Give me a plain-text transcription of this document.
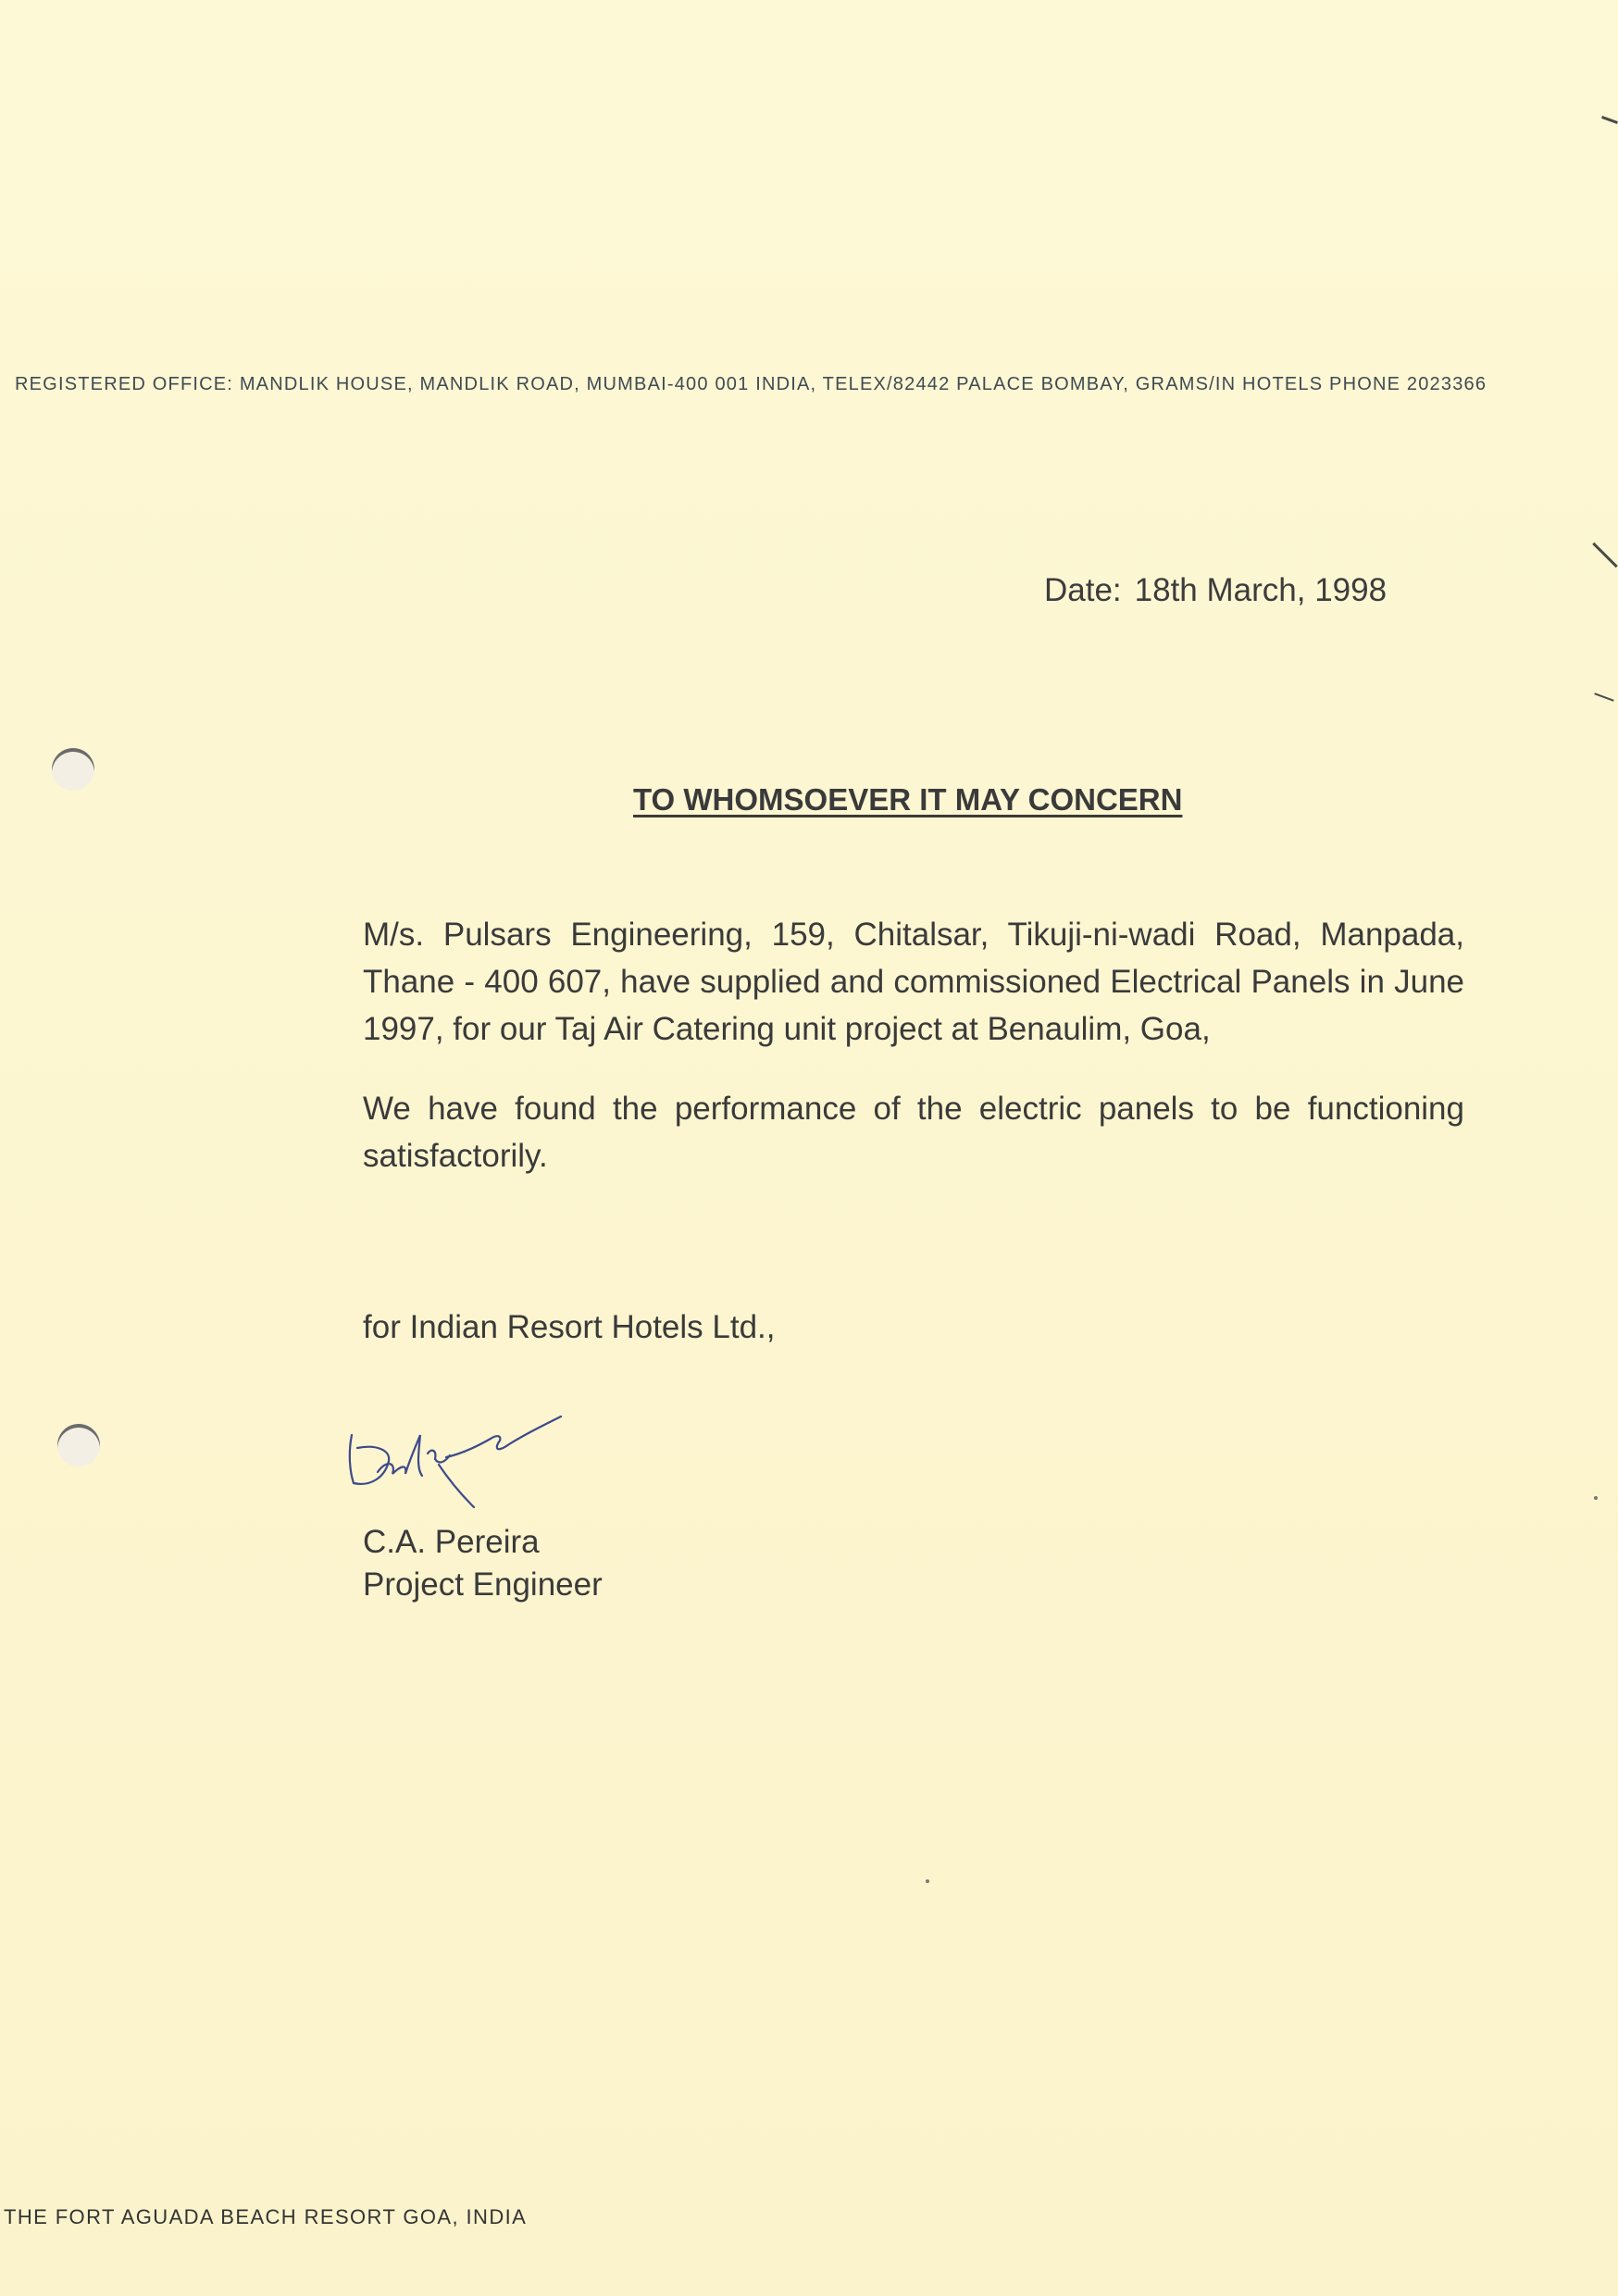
REGISTERED OFFICE: MANDLIK HOUSE, MANDLIK ROAD, MUMBAI-400 001 INDIA, TELEX/82442 PALACE BOMBAY, GRAMS/IN HOTELS PHONE 2023366
Date: 18th March, 1998
TO WHOMSOEVER IT MAY CONCERN
M/s. Pulsars Engineering, 159, Chitalsar, Tikuji-ni-wadi Road, Manpada, Thane - 400 607, have supplied and commissioned Electrical Panels in June 1997, for our Taj Air Catering unit project at Benaulim, Goa,
We have found the performance of the electric panels to be functioning satisfactorily.
for Indian Resort Hotels Ltd.,
C.A. Pereira
Project Engineer
THE FORT AGUADA BEACH RESORT GOA, INDIA
